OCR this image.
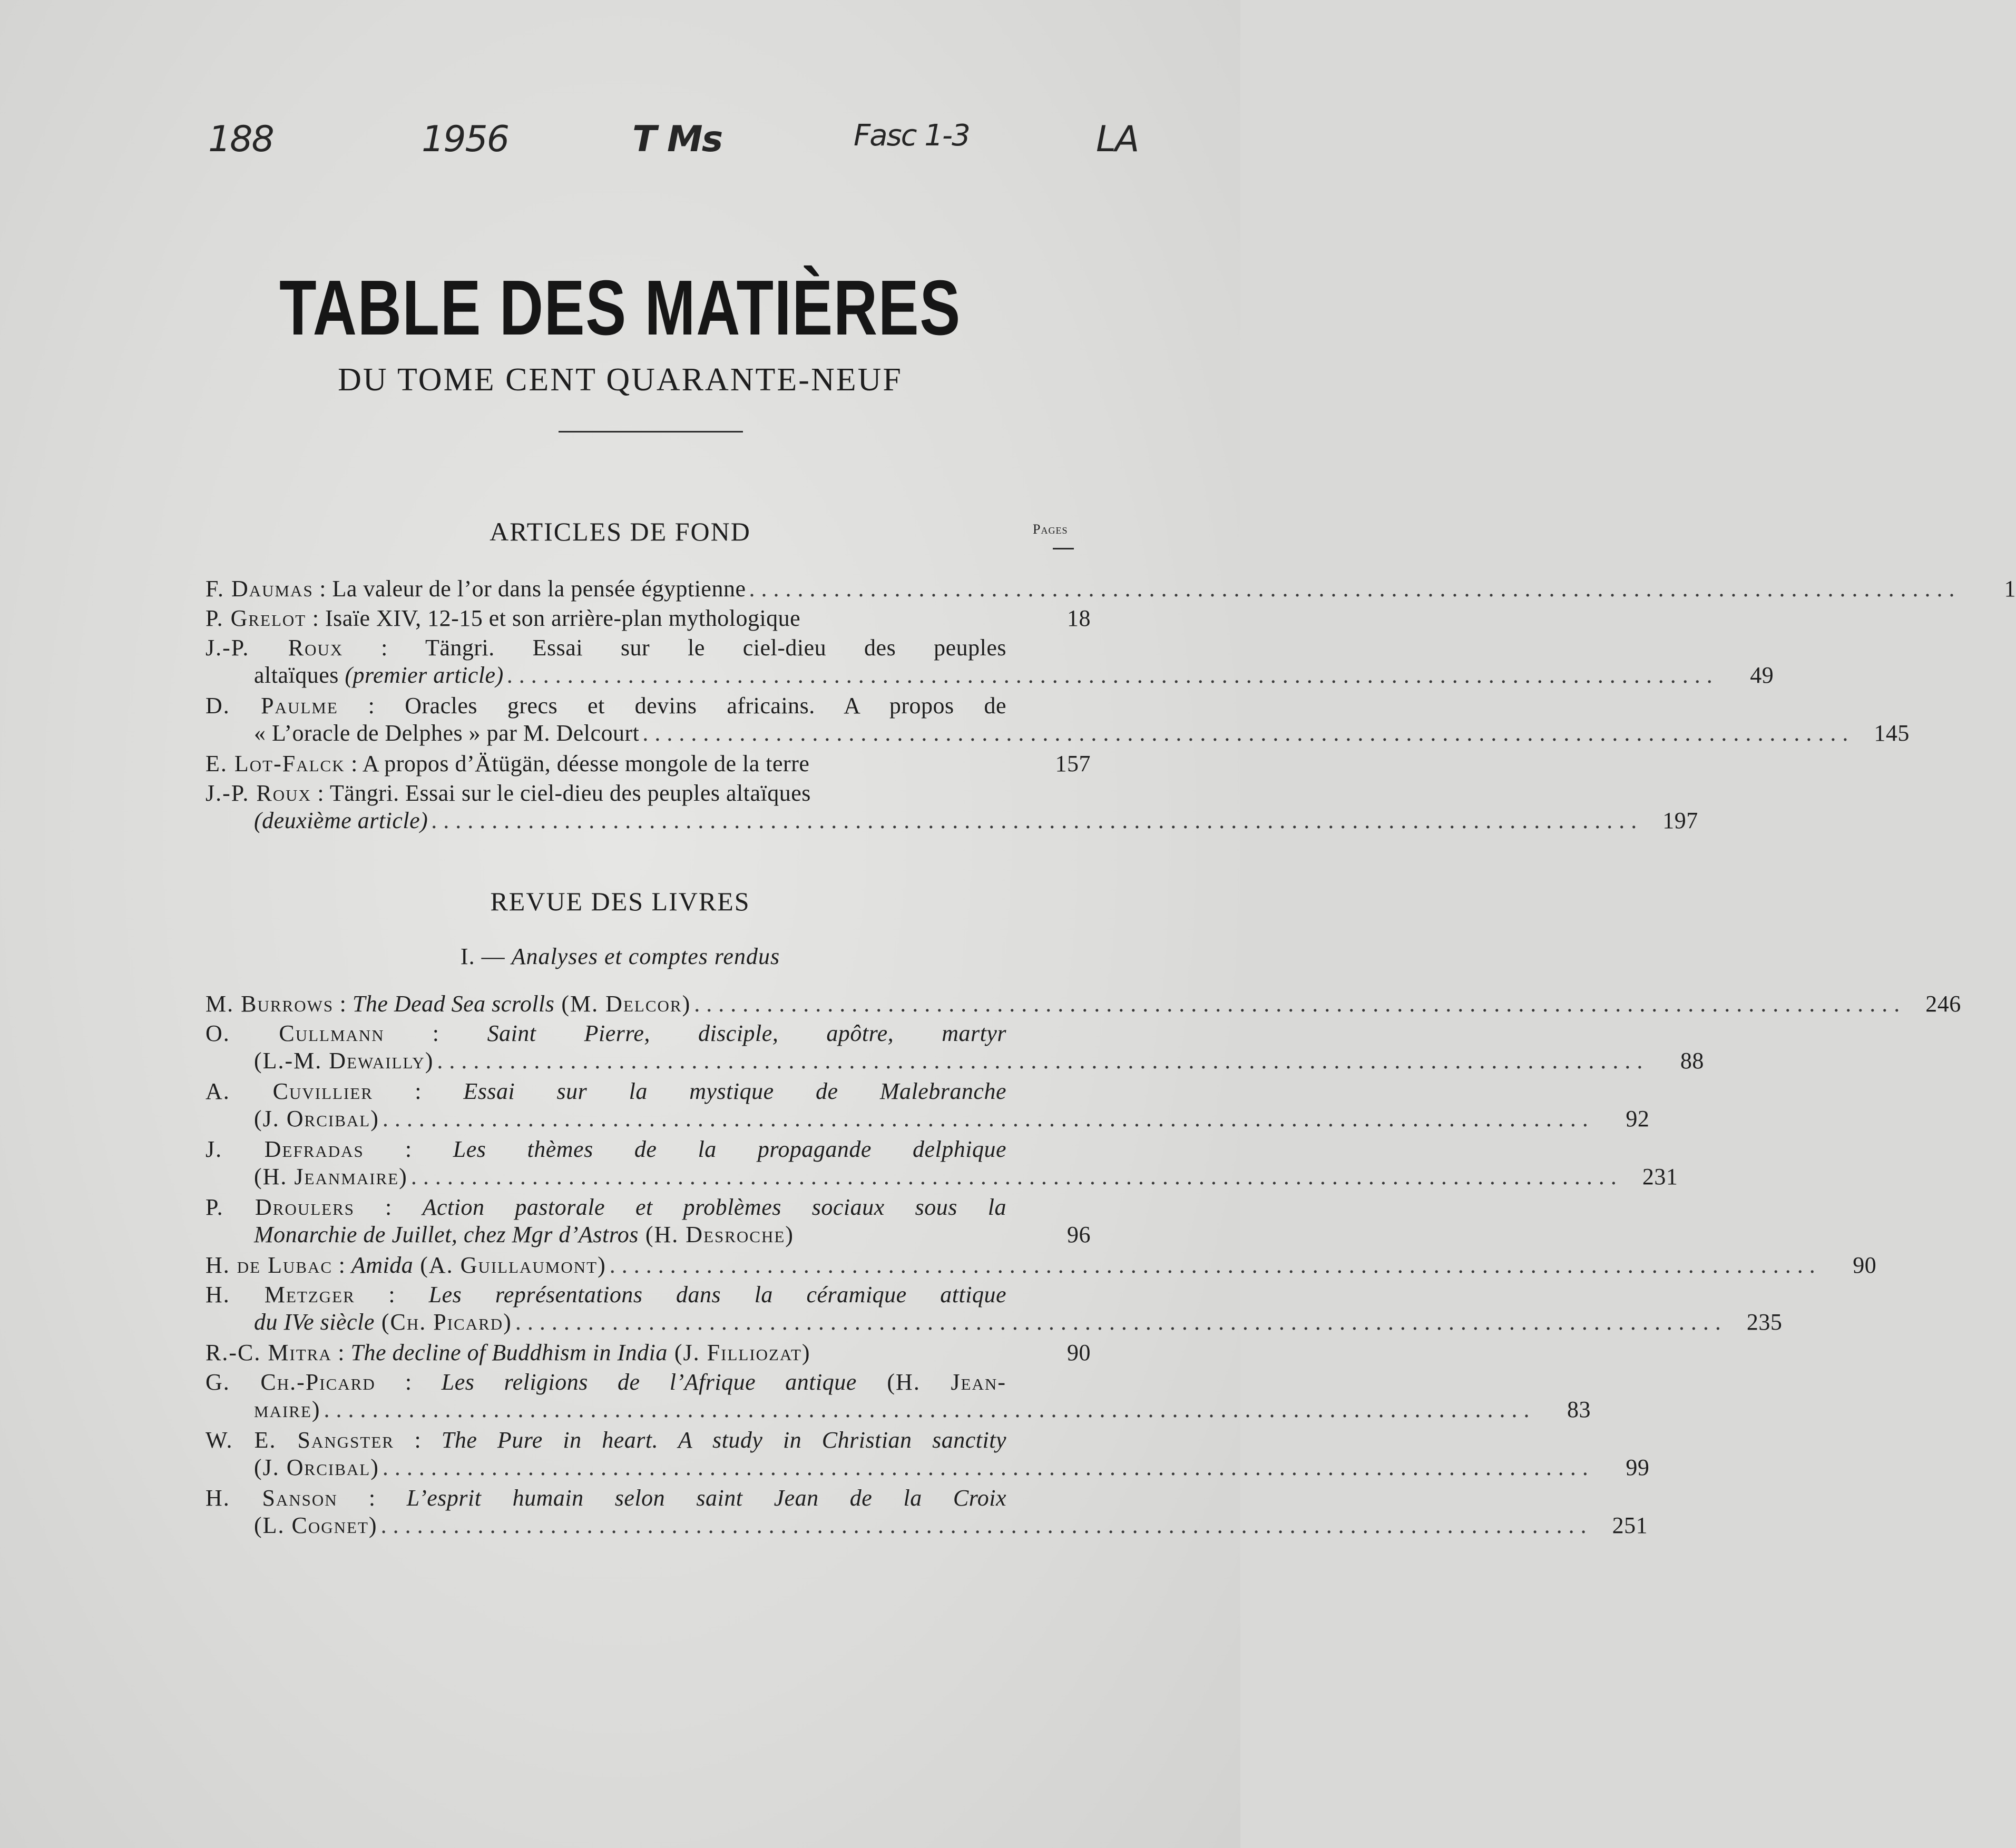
188	1956	T Ms	Fasc 1-3	LA
TABLE DES MATIÈRES
DU TOME CENT QUARANTE-NEUF
ARTICLES DE FOND	Pages
F. Daumas : La valeur de l’or dans la pensée égyptienne . . .	1
P. Grelot : Isaïe XIV, 12-15 et son arrière-plan mythologique	18
J.-P. Roux : Tängri. Essai sur le ciel-dieu des peuples
altaïques (premier article) . . .	49
D. Paulme : Oracles grecs et devins africains. A propos de
« L’oracle de Delphes » par M. Delcourt . . .	145
E. Lot-Falck : A propos d’Ätügän, déesse mongole de la terre	157
J.-P. Roux : Tängri. Essai sur le ciel-dieu des peuples altaïques
(deuxième article) . . .	197
REVUE DES LIVRES
I. — Analyses et comptes rendus
M. Burrows : The Dead Sea scrolls (M. Delcor) . . .	246
O. Cullmann : Saint Pierre, disciple, apôtre, martyr
(L.-M. Dewailly) . . .	88
A. Cuvillier : Essai sur la mystique de Malebranche
(J. Orcibal) . . .	92
J. Defradas : Les thèmes de la propagande delphique
(H. Jeanmaire) . . .	231
P. Droulers : Action pastorale et problèmes sociaux sous la
Monarchie de Juillet, chez Mgr d’Astros (H. Desroche)	96
H. de Lubac : Amida (A. Guillaumont) . . .	90
H. Metzger : Les représentations dans la céramique attique
du IVe siècle (Ch. Picard) . . .	235
R.-C. Mitra : The decline of Buddhism in India (J. Filliozat)	90
G. Ch.-Picard : Les religions de l’Afrique antique (H. Jean-
maire) . . .	83
W. E. Sangster : The Pure in heart. A study in Christian sanctity
(J. Orcibal) . . .	99
H. Sanson : L’esprit humain selon saint Jean de la Croix
(L. Cognet) . . .	251
